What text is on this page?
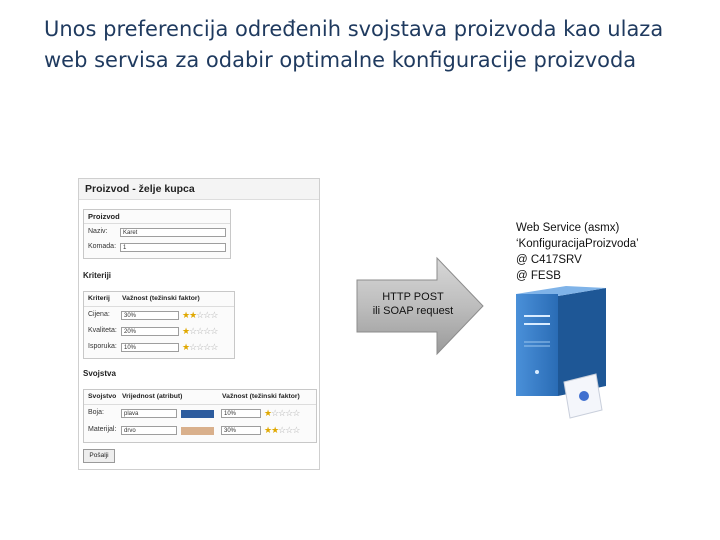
Unos preferencija određenih svojstava proizvoda kao ulaza web servisa za odabir optimalne konfiguracije proizvoda
Proizvod - želje kupca
Proizvod
Naziv:	Karet
Komada:	1
Kriteriji
Kriterij Važnost (težinski faktor)
Cijena:	30%	★★☆☆☆
Kvaliteta:	20%	★☆☆☆☆
Isporuka:	10%	★☆☆☆☆
Svojstva
Svojstvo Vrijednost (atribut)	Važnost (težinski faktor)
Boja:	plava	10%	★☆☆☆☆
Materijal:	drvo	30%	★★☆☆☆
Pošalji
HTTP POST
ili SOAP request
Web Service (asmx)
‘KonfiguracijaProizvoda’
@ C417SRV
@ FESB
